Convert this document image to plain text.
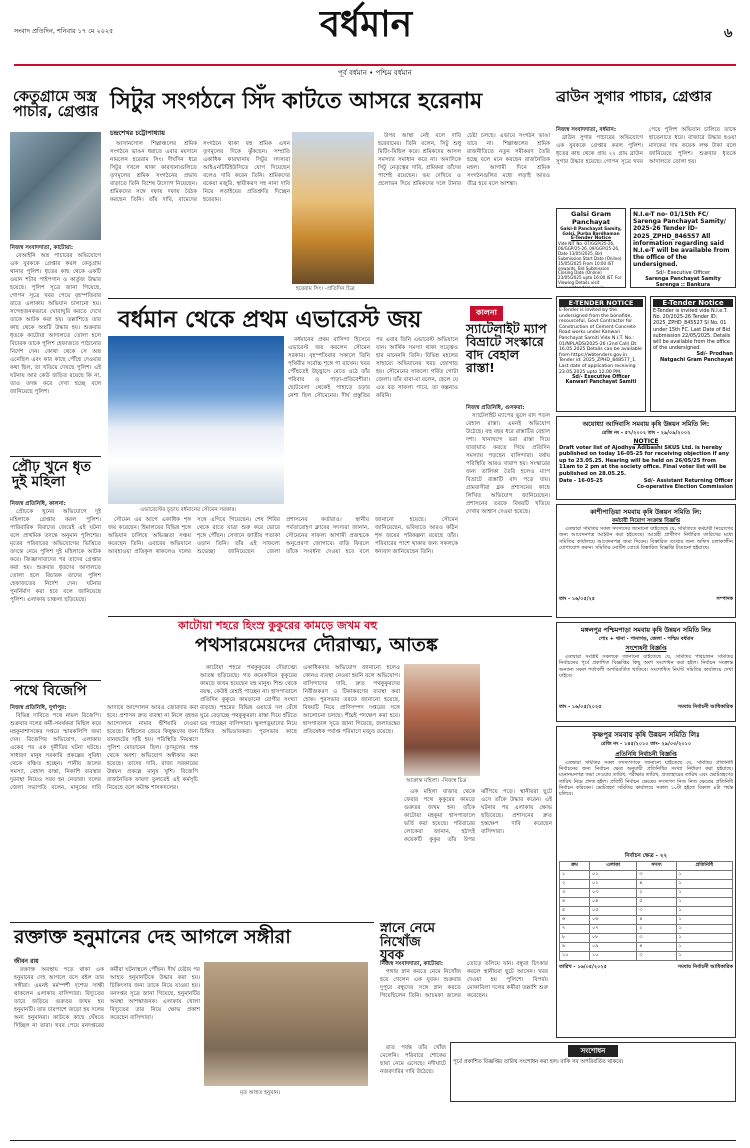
সংবাদ প্রতিদিন, শনিবার ১৭ মে ২০২৫	বর্ধমান	৬
পূর্ব বর্ধমান • পশ্চিম বর্ধমান
কেতুগ্রামে অস্ত্র পাচার, গ্রেপ্তার
নিজস্ব সংবাদদাতা, কাটোয়া:

বেআইনি অস্ত্র পাচারের অভিযোগে এক যুবককে গ্রেপ্তার করল কেতুগ্রাম থানার পুলিশ। ধৃতের কাছ থেকে একটি ওয়ান শটার পাইপগান ও কার্তুজ উদ্ধার হয়েছে। পুলিশ সূত্রে জানা গিয়েছে, গোপন সূত্রে খবর পেয়ে বৃহস্পতিবার রাতে এলাকায় অভিযান চালানো হয়। সন্দেহজনকভাবে ঘোরাঘুরি করতে দেখে তাকে আটক করা হয়। তল্লাশিতে তার কাছ থেকে অস্ত্রটি উদ্ধার হয়। শুক্রবার ধৃতকে কাটোয়া আদালতে তোলা হলে বিচারক তাকে পুলিশ হেফাজতে পাঠানোর নির্দেশ দেন। কোথা থেকে সে অস্ত্র এনেছিল এবং কার কাছে পৌঁছে দেওয়ার কথা ছিল, তা খতিয়ে দেখছে পুলিশ। এই ঘটনায় আর কেউ জড়িত রয়েছে কি না, তাও তদন্ত করে দেখা হচ্ছে বলে জানিয়েছে পুলিশ।

প্রৌঢ় খুনে ধৃত দুই মহিলা
নিজস্ব প্রতিনিধি, কালনা:

প্রৌঢ়কে খুনের অভিযোগে দুই মহিলাকে গ্রেপ্তার করল পুলিশ। পারিবারিক বিবাদের জেরেই এই ঘটনা বলে প্রাথমিক তদন্তে অনুমান পুলিশের। মৃতের পরিবারের অভিযোগের ভিত্তিতে তদন্তে নেমে পুলিশ দুই মহিলাকে আটক করে। জিজ্ঞাসাবাদের পর তাদের গ্রেপ্তার করা হয়। শুক্রবার ধৃতদের আদালতে তোলা হলে বিচারক তাদের পুলিশ হেফাজতের নির্দেশ দেন। ঘটনার পুনর্নির্মাণ করা হবে বলে জানিয়েছে পুলিশ। এলাকায় চাঞ্চল্য ছড়িয়েছে।

পথে বিজেপি
নিজস্ব প্রতিনিধি, দুর্গাপুর:

বিভিন্ন দাবিতে পথে নামল বিজেপি। শুক্রবার দলের কর্মী-সমর্থকরা মিছিল করে মহকুমাশাসকের দপ্তরে স্মারকলিপি জমা দেন। বিজেপির অভিযোগ, এলাকায় একের পর এক দুর্নীতির ঘটনা ঘটছে। সাধারণ মানুষ সরকারি প্রকল্পের সুবিধা থেকে বঞ্চিত হচ্ছেন। পানীয় জলের সমস্যা, বেহাল রাস্তা, নিকাশি ব্যবস্থার দুরবস্থা নিয়েও সরব হন নেতারা। দলের জেলা সভাপতি বলেন, মানুষের দাবি আদায়ে আন্দোলন আরও জোরদার করা হবে। প্রশাসন দ্রুত ব্যবস্থা না নিলে বৃহত্তর আন্দোলনে নামার হুঁশিয়ারি দেওয়া হয়েছে। মিছিলের জেরে কিছুক্ষণের জন্য যানজটের সৃষ্টি হয়। পরিস্থিতি নিয়ন্ত্রণে পুলিশ মোতায়েন ছিল। তৃণমূলের পক্ষ থেকে অবশ্য অভিযোগ অস্বীকার করা হয়েছে। তাদের দাবি, রাজ্য সরকারের উন্নয়ন প্রকল্পে মানুষ খুশি। বিজেপি রাজনৈতিক ফায়দা তুলতেই এই কর্মসূচি নিয়েছে বলে কটাক্ষ শাসকদলের।

সিটুর সংগঠনে সিঁদ কাটতে আসরে হরেনাম
চন্দ্রশেখর চট্টোপাধ্যায়

আসানসোল শিল্পাঞ্চলের শ্রমিক সংগঠনে ভাঙন ধরাতে এবার ময়দানে নামলেন হরেরাম সিং। দীর্ঘদিন ধরে সিটুর দখলে থাকা কারখানাগুলিতে তৃণমূলের শ্রমিক সংগঠনের প্রভাব বাড়াতে তিনি বিশেষ উদ্যোগ নিয়েছেন। শ্রমিকদের সঙ্গে দফায় দফায় বৈঠক করছেন তিনি। তাঁর দাবি, বামেদের সংগঠনে থাকা বহু শ্রমিক এখন তৃণমূলের দিকে ঝুঁকছেন। সম্প্রতি একাধিক কারখানায় সিটুর সদস্যরা আইএনটিটিইউসিতে যোগ দিয়েছেন বলেও দাবি করেন তিনি। শ্রমিকদের বকেয়া মজুরি, স্থায়ীকরণ সহ নানা দাবি নিয়ে লড়াইয়ের প্রতিশ্রুতি দিচ্ছেন হরেরাম।

হরেরাম সিং। -প্রতিদিন চিত্র

উপর আস্থা নেই বলে দাবি হরেরামের। তিনি বলেন, সিটু শুধু মিটিং-মিছিল করে। শ্রমিকদের আসল সমস্যার সমাধান করে না। অন্যদিকে সিটু নেতৃত্বের দাবি, শ্রমিকরা তাঁদের পাশেই রয়েছেন। ভয় দেখিয়ে ও প্রলোভন দিয়ে শ্রমিকদের দলে টানার চেষ্টা চলছে। এভাবে সংগঠন ভাঙা যাবে না। শিল্পাঞ্চলের শ্রমিক রাজনীতিতে নতুন সমীকরণ তৈরি হচ্ছে বলে মনে করছেন রাজনৈতিক মহল। আগামী দিনে শ্রমিক সংগঠনগুলির মধ্যে লড়াই আরও তীব্র হবে বলে আশঙ্কা।

ব্রাউন সুগার পাচার, গ্রেপ্তার
নিজস্ব সংবাদদাতা, বর্ধমান:

ব্রাউন সুগার পাচারের অভিযোগে এক যুবককে গ্রেপ্তার করল পুলিশ। ধৃতের কাছ থেকে প্রায় ২২ গ্রাম ব্রাউন সুগার উদ্ধার হয়েছে। গোপন সূত্রে খবর পেয়ে পুলিশ অভিযান চালিয়ে তাকে হাতেনাতে ধরে। বাজারে উদ্ধার হওয়া মাদকের দাম কয়েক লক্ষ টাকা বলে জানিয়েছে পুলিশ। শুক্রবার ধৃতকে আদালতে তোলা হয়।

Galsi Gram Panchayat
Galsi-II Panchayat Samity, Galsi, Purba Bardhaman
E-Tender Notice
Vide NIT No. 07/GGP/25-26, 06/GGP/25-26, 09/GGP/25-26, Date 13/05/2025, Bid Submission Start Date (Online) 15/05/2025 From 10:00 IST onwards. Bid Submission Closing Date (Online) 23/05/2025 upto 16:00 IST. For Viewing Details visit www.wbtenders.gov.in
N.I.e-T no- 01/15th FC/ Sarenga Panchayat Samity/ 2025-26 Tender ID- 2025_ZPHD_846557 All information regarding said N.I.e-T will be available from the office of the undersigned.
Sd/- Executive Officer
Sarenga Panchayat Samity
Sarenga :: Bankura
E-Tender Notice
E-Tender is invited vide N.I.e.T. No. 20/2025-26 Tender ID: 2025_ZPHD_845527 SI No. 01 under 15th FC. Last Date of Bid submission 22/05/2025. Details will be available from the office of the undersigned.
Sd/- Prodhan
Natgachi Gram Panchayat
E-TENDER NOTICE
E-Tender is invited by the undersigned from the bonafide, resourceful, Govt Contractor for Construction of Cement Concrete Road works under Kanwari Panchayat Samiti Vide N.I.T. No.: 01/NPLADS/2025-26 (2nd Call) Dt. 16.05.2025 Details can be available from https://wbtenders.gov.in. Tender id: 2025_ZPHD_848577_1. Last date of application receiving 23.05.2025 upto 12.00 PM.
Sd/- Executive Officer
Kanwari Panchayat Samiti
বর্ধমান থেকে প্রথম এভারেস্ট জয়
এভারেস্টের চূড়ায় বর্ধমানের সৌমেন সরকার।

বর্ধমানের প্রথম বাসিন্দা হিসেবে এভারেস্ট জয় করলেন সৌমেন সরকার। বৃহস্পতিবার সকালে তিনি পৃথিবীর সর্বোচ্চ শৃঙ্গে পা রাখেন। খবর পৌঁছতেই উচ্ছ্বাসে মেতে ওঠে তাঁর পরিবার ও পাড়া-প্রতিবেশীরা। ছোটবেলা থেকেই পাহাড়ে চড়ার নেশা ছিল সৌমেনের। দীর্ঘ প্রস্তুতির পর এবার তিনি এভারেস্ট অভিযানে যান। আর্থিক সমস্যা থাকা সত্ত্বেও হার মানেননি তিনি। বিভিন্ন মহলের সাহায্যে অভিযানের খরচ জোগাড় হয়। সৌমেনের সাফল্যে গর্বিত গোটা জেলা। তাঁর বাবা-মা বলেন, ছেলে যে এত বড় সাফল্য পাবে, তা কল্পনাও করিনি।

সৌমেন এর আগে একাধিক শৃঙ্গ জয় করেছেন। হিমালয়ের বিভিন্ন শৃঙ্গে অভিযান চালিয়ে অভিজ্ঞতা সঞ্চয় করেছেন তিনি। এবারের অভিযানে আবহাওয়া প্রতিকূল থাকলেও দলের সঙ্গে এগিয়ে গিয়েছেন। শেষ শিবির থেকে রাতে যাত্রা শুরু করে ভোরে শৃঙ্গে পৌঁছন। সেখানে জাতীয় পতাকা ওড়ান তিনি। তাঁর এই সাফল্যে শুভেচ্ছা জানিয়েছেন জেলা প্রশাসনের কর্তারাও। স্থানীয় পর্বতারোহণ ক্লাবের সদস্যরা জানান, সৌমেনের সাফল্য আগামী প্রজন্মকে অনুপ্রেরণা জোগাবে। বাড়ি ফিরলে তাঁকে সংবর্ধনা দেওয়া হবে বলে জানানো হয়েছে। সৌমেন জানিয়েছেন, ভবিষ্যতে আরও কঠিন শৃঙ্গ জয়ের পরিকল্পনা রয়েছে তাঁর। পরিবারের পাশে থাকার জন্য সকলকে ধন্যবাদ জানিয়েছেন তিনি।

কালনা
স্যাটেলাইট ম্যাপ বিভ্রাটে সংস্কারে বাদ বেহাল রাস্তা!
নিজস্ব প্রতিনিধি, গুসকরা:

স্যাটেলাইট ম্যাপের ভুলে বাদ পড়ল বেহাল রাস্তা। এমনই অভিযোগ উঠেছে। বহু বছর ধরে রাস্তাটির বেহাল দশা। খানাখন্দে ভরা রাস্তা দিয়ে যাতায়াত করতে গিয়ে প্রতিদিন সমস্যায় পড়ছেন বাসিন্দারা। বর্ষায় পরিস্থিতি আরও খারাপ হয়। সংস্কারের জন্য তালিকা তৈরি হলেও ম্যাপ বিভ্রাটে রাস্তাটি বাদ পড়ে যায়। গ্রামবাসীরা ব্লক প্রশাসনের কাছে লিখিত অভিযোগ জানিয়েছেন। প্রশাসনের তরফে বিষয়টি খতিয়ে দেখার আশ্বাস দেওয়া হয়েছে।

অযোধ্যা আদিবাসি সমবায় কৃষি উন্নয়ন সমিতি লি:
রেজি নং - ৫৭/২০০২ তাং - ২৯/০৯/২০০২
NOTICE
Draft voter list of Ajodhya Adibashi SKUS Ltd. is hereby published on today 16-05-25 for receiving objection if any up to 23.05.25. Hearing will be held on 26/05/25 from 11am to 2 pm at the society office. Final voter list will be published on 28.05.25.
Date - 16-05-25	Sd/- Assistant Returning Officer
Co-operative Election Commission
কাশীপাড়িয়া সমবায় কৃষি উন্নয়ন সমিতি লি:
কর্মচারী নিয়োগ সংক্রান্ত বিজ্ঞপ্তি

এতদ্বারা সমিতির সকল সদস্যদের জানানো যাইতেছে যে, সমিতিতে কর্মচারী নিয়োগের জন্য আবেদনপত্র আহ্বান করা হইতেছে। আগ্রহী প্রার্থীগণ নির্ধারিত তারিখের মধ্যে সমিতির কার্যালয়ে আবেদনপত্র জমা দিবেন। বিস্তারিত তথ্যের জন্য অফিস চলাকালীন যোগাযোগ করুন। সমিতির নোটিশ বোর্ডে বিস্তারিত বিজ্ঞপ্তি টাঙানো হইয়াছে।

তাং - ১৬/০৫/২৫	সম্পাদক
কাটোয়া শহরে হিংস্র কুকুরের কামড়ে জখম বহু
পথসারমেয়দের দৌরাত্ম্য, আতঙ্ক

কাটোয়া শহরে পথকুকুরের দৌরাত্ম্যে আতঙ্ক ছড়িয়েছে। গত কয়েকদিনে কুকুরের কামড়ে জখম হয়েছেন বহু মানুষ। শিশু থেকে বয়স্ক, কেউই রেহাই পাচ্ছেন না। হাসপাতালে প্রতিদিন কুকুরে কামড়ানো রোগীর সংখ্যা বাড়ছে। শহরের বিভিন্ন ওয়ার্ডে দল বেঁধে ঘুরে বেড়াচ্ছে পথকুকুররা। রাস্তা দিয়ে হাঁটতে ভয় পাচ্ছেন বাসিন্দারা। স্কুলপড়ুয়াদের নিয়ে চিন্তিত অভিভাবকরা। পুরসভার কাছে একাধিকবার অভিযোগ জানানো হলেও কোনও ব্যবস্থা নেওয়া হয়নি বলে অভিযোগ। বাসিন্দাদের দাবি, দ্রুত পথকুকুরদের নির্বীজকরণ ও টিকাকরণের ব্যবস্থা করা হোক। পুরসভার তরফে জানানো হয়েছে, বিষয়টি নিয়ে প্রাণিসম্পদ দপ্তরের সঙ্গে আলোচনা চলছে। শীঘ্রই পদক্ষেপ করা হবে। হাসপাতাল সূত্রে জানা গিয়েছে, জলাতঙ্কের প্রতিষেধক পর্যাপ্ত পরিমাণে মজুত রয়েছে।

আক্রান্ত মহিলা। -নিজস্ব চিত্র

এক মহিলা বাজার থেকে ফেরার পথে কুকুরের কামড়ে গুরুতর জখম হন। তাঁকে কাটোয়া মহকুমা হাসপাতালে ভর্তি করা হয়েছে। পরিবারের লোকেরা জানান, হঠাৎই কয়েকটি কুকুর তাঁর উপর ঝাঁপিয়ে পড়ে। স্থানীয়রা ছুটে এসে তাঁকে উদ্ধার করেন। এই ঘটনার পর এলাকায় ক্ষোভ ছড়িয়েছে। প্রশাসনের দ্রুত হস্তক্ষেপ দাবি করেছেন বাসিন্দারা।

মঙ্গলপুর পশ্চিমপাড়া সমবায় কৃষি উন্নয়ন সমিতি লিঃ
পোঃ + থানা - পানাগড়, জেলা - পশ্চিম বর্ধমান
সংশোধনী বিজ্ঞপ্তি

এতদ্বারা সংশ্লিষ্ট সকলকে জানানো যাইতেছে যে, সমিতির পরিচালন সমিতির নির্বাচনের পূর্বে প্রকাশিত বিজ্ঞপ্তির কিছু অংশ সংশোধন করা হইল। নির্বাচন সংক্রান্ত অন্যান্য সকল শর্তাবলী অপরিবর্তিত থাকিবে। সংশোধিত নির্ঘণ্ট সমিতির কার্যালয়ে দেখা যাইবে।

তাং - ১৬/০৫/২০২৫	সমবায় নির্বাচনী আধিকারিক
কৃষ্ণপুর সমবায় কৃষি উন্নয়ন সমিতি লিঃ
রেজি নং - ১৪৫/২০১০ তাং- ২৯/০৩/২০১০
প্রতিনিধি নির্বাচনী বিজ্ঞপ্তি

এতদ্বারা সমিতির সকল সদস্যগণকে জানানো যাইতেছে যে, সমিতির প্রতিনিধি নির্বাচনের জন্য নির্বাচন ক্ষেত্র অনুযায়ী প্রতিনিধির সংখ্যা নির্ধারণ করা হইয়াছে। মনোনয়নপত্র জমা দেওয়ার তারিখ, পরীক্ষার তারিখ, প্রত্যাহারের তারিখ এবং ভোটগ্রহণের তারিখ নিম্নে প্রদত্ত হইল। প্রতিটি নির্বাচন ক্ষেত্রের সদস্যগণ নিজ নিজ ক্ষেত্রের প্রতিনিধি নির্বাচন করিবেন। ভোটগ্রহণ সমিতির কার্যালয়ে সকাল ১০টা হইতে বিকাল ৪টা পর্যন্ত চলিবে।

নির্বাচন ক্ষেত্র - ২২
ক্রম	এলাকা	সদস্য	প্রতিনিধি
১	০১	৩	১
২	০২	৪	১
৩	০৩	২	১
৪	০৪	৫	১
৫	০৫	৩	১
৬	০৬	৪	১
৭	০৭	২	১
৮	০৮	৩	১
৯	০৯	৪	১
১০	১০	৩	১
তারিখ - ১৬/০৫/২০২৫	সমবায় নির্বাচনী আধিকারিক
সংশোধন
পূর্বে প্রকাশিত বিজ্ঞপ্তির তারিখ সংশোধন করা হল। বাকি সব অপরিবর্তিত থাকবে।
রক্তাক্ত হনুমানের দেহ আগলে সঙ্গীরা
জীবন রায়

রক্তাক্ত অবস্থায় পড়ে থাকা এক হনুমানের দেহ আগলে বসে রইল তার সঙ্গীরা। এমনই মর্মস্পর্শী দৃশ্যের সাক্ষী থাকলেন এলাকার বাসিন্দারা। বিদ্যুতের তারে জড়িয়ে গুরুতর জখম হয় হনুমানটি। তার চারপাশে জড়ো হয় দলের অন্য হনুমানরা। কাউকে কাছে ঘেঁষতে দিচ্ছিল না তারা। খবর পেয়ে বনদপ্তরের কর্মীরা ঘটনাস্থলে পৌঁছন। দীর্ঘ চেষ্টার পর আহত হনুমানটিকে উদ্ধার করা হয়। চিকিৎসার জন্য তাকে নিয়ে যাওয়া হয়। বনদপ্তর সূত্রে জানা গিয়েছে, হনুমানটির অবস্থা আশঙ্কাজনক। এলাকায় খোলা বিদ্যুতের তার নিয়ে ক্ষোভ প্রকাশ করেছেন বাসিন্দারা।

মৃত আহত হনুমান।
স্নানে নেমে নিখোঁজ যুবক
নিজস্ব সংবাদদাতা, কাটোয়া:

গঙ্গায় স্নান করতে নেমে নিখোঁজ হয়ে গেলেন এক যুবক। শুক্রবার দুপুরে বন্ধুদের সঙ্গে স্নান করতে গিয়েছিলেন তিনি। আচমকা জলের তোড়ে তলিয়ে যান। বন্ধুরা চিৎকার করলে স্থানীয়রা ছুটে আসেন। খবর দেওয়া হয় পুলিশে। বিপর্যয় মোকাবিলা দলের কর্মীরা তল্লাশি শুরু করেছেন।

রাত পর্যন্ত তাঁর খোঁজ মেলেনি। পরিবারে শোকের ছায়া নেমে এসেছে। নদীঘাটে নজরদারির দাবি উঠেছে।
